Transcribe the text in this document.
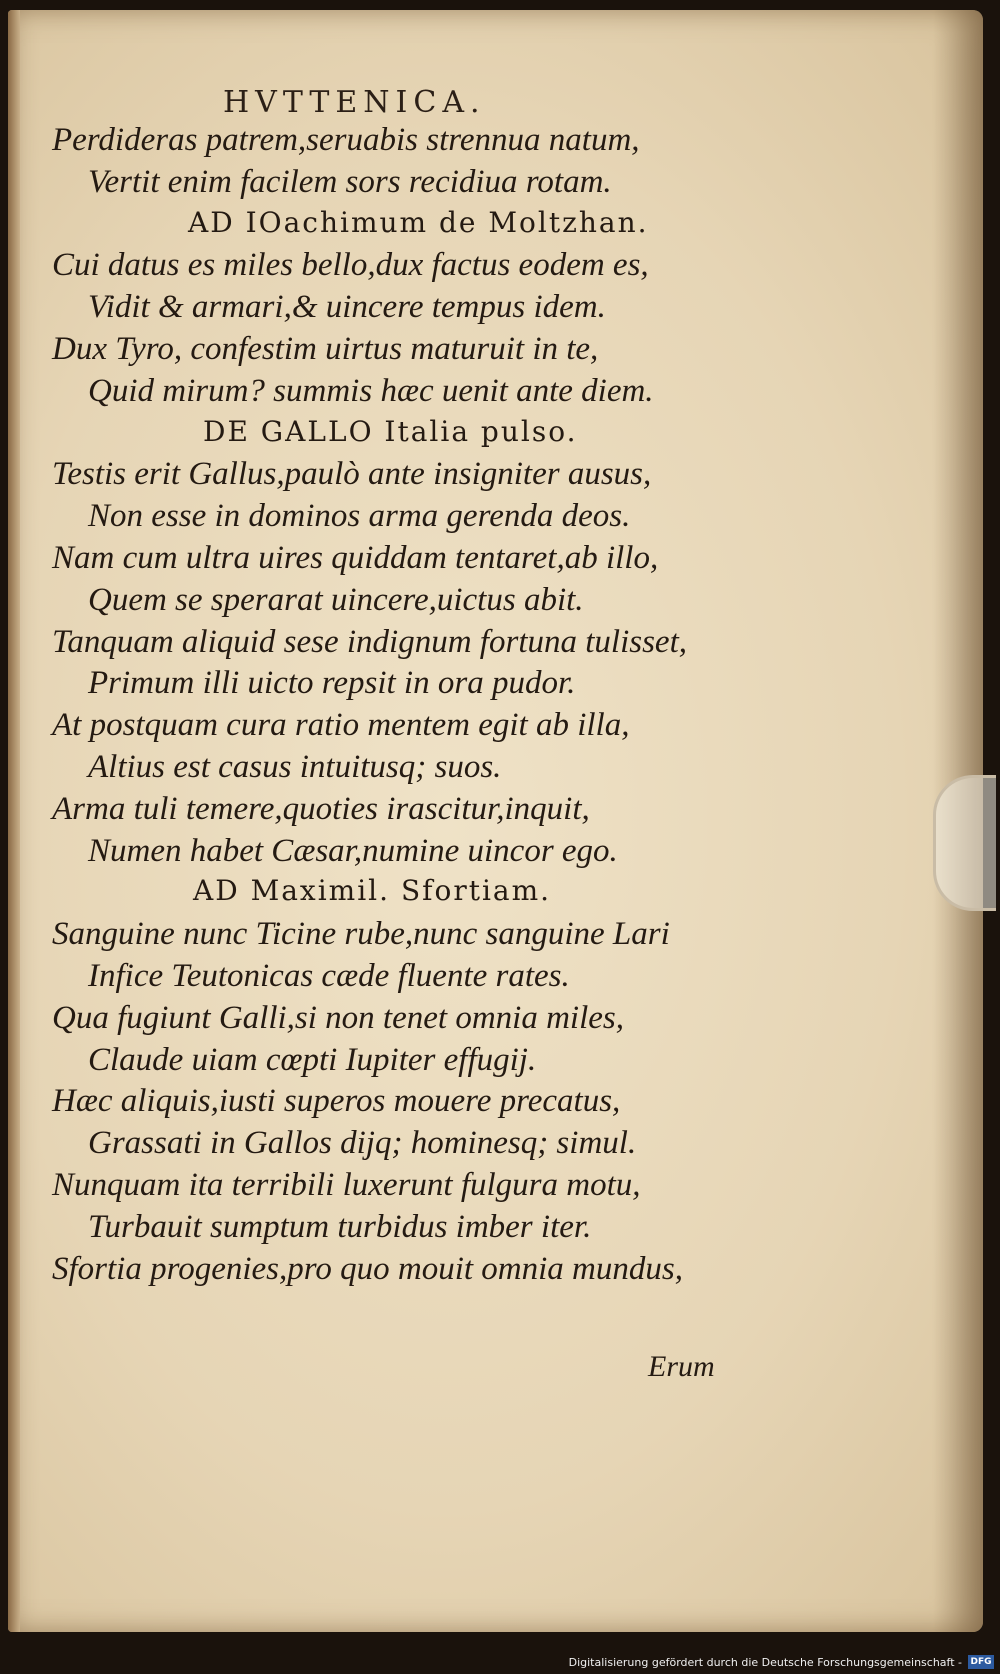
HVTTENICA.
Perdideras patrem,seruabis strennua natum,
Vertit enim facilem sors recidiua rotam.
AD IOachimum de Moltzhan.
Cui datus es miles bello,dux factus eodem es,
Vidit & armari,& uincere tempus idem.
Dux Tyro, confestim uirtus maturuit in te,
Quid mirum? summis hæc uenit ante diem.
DE GALLO Italia pulso.
Testis erit Gallus,paulò ante insigniter ausus,
Non esse in dominos arma gerenda deos.
Nam cum ultra uires quiddam tentaret,ab illo,
Quem se sperarat uincere,uictus abit.
Tanquam aliquid sese indignum fortuna tulisset,
Primum illi uicto repsit in ora pudor.
At postquam cura ratio mentem egit ab illa,
Altius est casus intuitusq; suos.
Arma tuli temere,quoties irascitur,inquit,
Numen habet Cæsar,numine uincor ego.
AD Maximil. Sfortiam.
Sanguine nunc Ticine rube,nunc sanguine Lari
Infice Teutonicas cæde fluente rates.
Qua fugiunt Galli,si non tenet omnia miles,
Claude uiam cœpti Iupiter effugij.
Hæc aliquis,iusti superos mouere precatus,
Grassati in Gallos dijq; hominesq; simul.
Nunquam ita terribili luxerunt fulgura motu,
Turbauit sumptum turbidus imber iter.
Sfortia progenies,pro quo mouit omnia mundus,
Erum
Digitalisierung gefördert durch die Deutsche Forschungsgemeinschaft - DFG
